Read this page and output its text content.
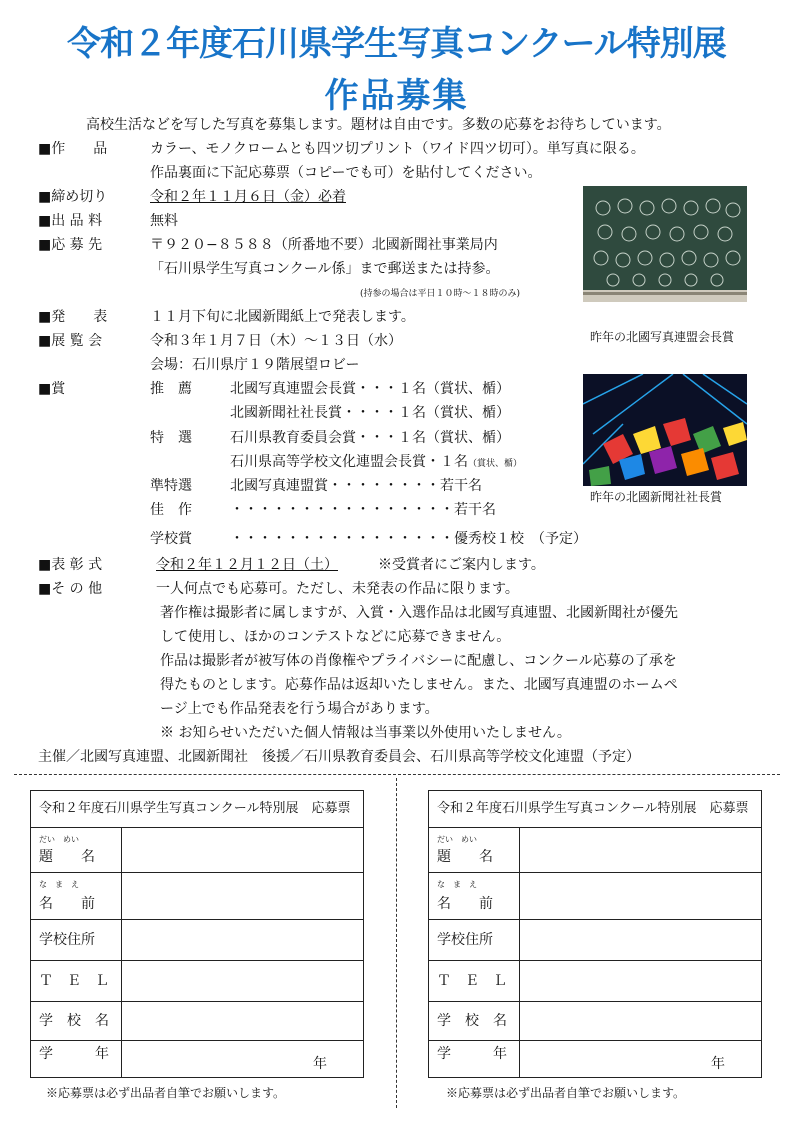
令和２年度石川県学生写真コンクール特別展
作品募集
高校生活などを写した写真を募集します。題材は自由です。多数の応募をお待ちしています。
■作　　品	カラー、モノクロームとも四ツ切プリント（ワイド四ツ切可）。単写真に限る。
作品裏面に下記応募票（コピーでも可）を貼付してください。
■締め切り	令和２年１１月６日（金）必着
■出 品 料	無料
■応 募 先	〒９２０−８５８８（所番地不要）北國新聞社事業局内
「石川県学生写真コンクール係」まで郵送または持参。
(持参の場合は平日１０時〜１８時のみ)
■発　　表	１１月下旬に北國新聞紙上で発表します。
■展 覧 会	令和３年１月７日（木）〜１３日（水）
会場：石川県庁１９階展望ロビー
■賞	推　薦	北國写真連盟会長賞・・・１名（賞状、楯）
北國新聞社社長賞・・・・１名（賞状、楯）
特　選	石川県教育委員会賞・・・１名（賞状、楯）
石川県高等学校文化連盟会長賞・１名（賞状、楯）
準特選	北國写真連盟賞・・・・・・・・若干名
佳　作	・・・・・・・・・・・・・・・・若干名
学校賞	・・・・・・・・・・・・・・・・優秀校１校　（予定）
■表 彰 式	令和２年１２月１２日（土）	※受賞者にご案内します。
■そ の 他	一人何点でも応募可。ただし、未発表の作品に限ります。
著作権は撮影者に属しますが、入賞・入選作品は北國写真連盟、北國新聞社が優先
して使用し、ほかのコンテストなどに応募できません。
作品は撮影者が被写体の肖像権やプライバシーに配慮し、コンクール応募の了承を
得たものとします。応募作品は返却いたしません。また、北國写真連盟のホームペ
ージ上でも作品発表を行う場合があります。
※ お知らせいただいた個人情報は当事業以外使用いたしません。
主催／北國写真連盟、北國新聞社　後援／石川県教育委員会、石川県高等学校文化連盟（予定）
昨年の北國写真連盟会長賞
昨年の北國新聞社社長賞
令和２年度石川県学生写真コンクール特別展　応募票
だい　めい
題　　名
な　ま　え
名　　前
学校住所
Ｔ　Ｅ　Ｌ
学　校　名
学　　　年
年
※応募票は必ず出品者自筆でお願いします。
令和２年度石川県学生写真コンクール特別展　応募票
だい　めい
題　　名
な　ま　え
名　　前
学校住所
Ｔ　Ｅ　Ｌ
学　校　名
学　　　年
年
※応募票は必ず出品者自筆でお願いします。
